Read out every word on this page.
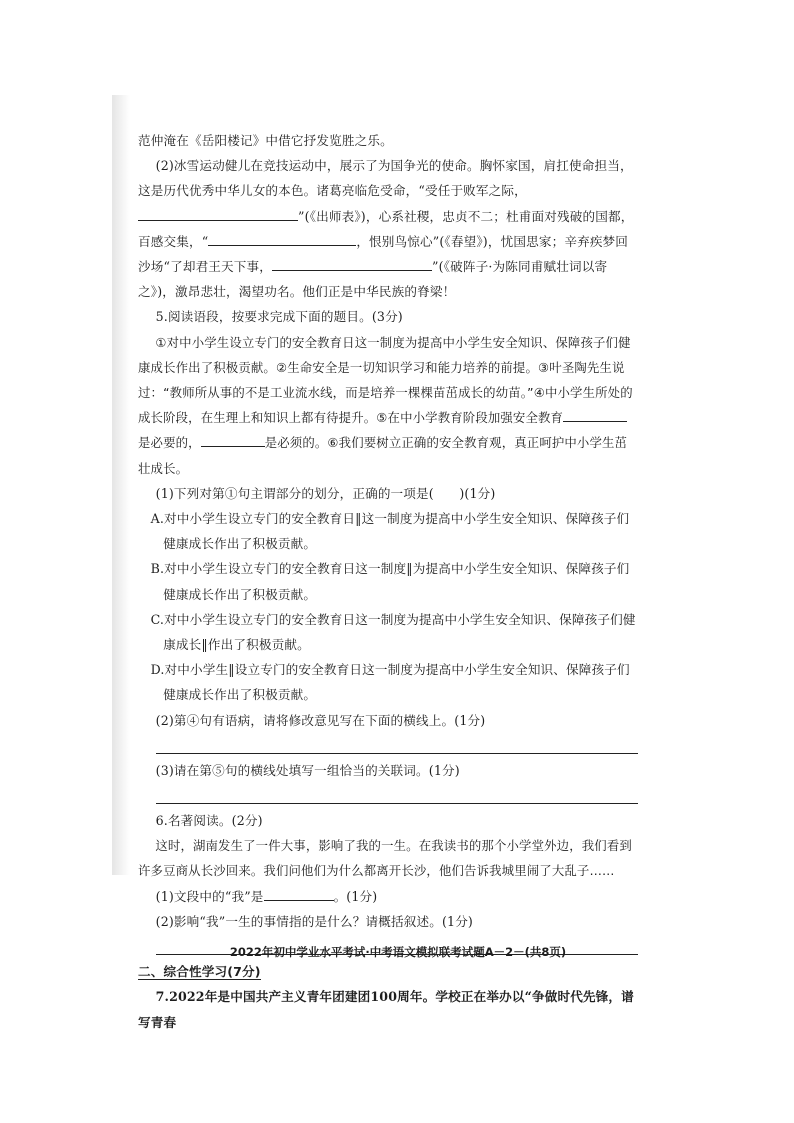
范仲淹在《岳阳楼记》中借它抒发览胜之乐。

(2)冰雪运动健儿在竞技运动中，展示了为国争光的使命。胸怀家国，肩扛使命担当，这是历代优秀中华儿女的本色。诸葛亮临危受命，“受任于败军之际，”(《出师表》)，心系社稷，忠贞不二；杜甫面对残破的国都，百感交集，“	，恨别鸟惊心”(《春望》)，忧国思家；辛弃疾梦回沙场“了却君王天下事，	”(《破阵子·为陈同甫赋壮词以寄之》)，激昂悲壮，渴望功名。他们正是中华民族的脊梁！

5.阅读语段，按要求完成下面的题目。(3分)

①对中小学生设立专门的安全教育日这一制度为提高中小学生安全知识、保障孩子们健康成长作出了积极贡献。②生命安全是一切知识学习和能力培养的前提。③叶圣陶先生说过：“教师所从事的不是工业流水线，而是培养一棵棵苗茁成长的幼苗。”④中小学生所处的成长阶段，在生理上和知识上都有待提升。⑤在中小学教育阶段加强安全教育是必要的，	是必须的。⑥我们要树立正确的安全教育观，真正呵护中小学生茁壮成长。

(1)下列对第①句主谓部分的划分，正确的一项是(　　)(1分)

A.对中小学生设立专门的安全教育日‖这一制度为提高中小学生安全知识、保障孩子们健康成长作出了积极贡献。

B.对中小学生设立专门的安全教育日这一制度‖为提高中小学生安全知识、保障孩子们健康成长作出了积极贡献。

C.对中小学生设立专门的安全教育日这一制度为提高中小学生安全知识、保障孩子们健康成长‖作出了积极贡献。

D.对中小学生‖设立专门的安全教育日这一制度为提高中小学生安全知识、保障孩子们健康成长作出了积极贡献。

(2)第④句有语病，请将修改意见写在下面的横线上。(1分)

(3)请在第⑤句的横线处填写一组恰当的关联词。(1分)

6.名著阅读。(2分)

这时，湖南发生了一件大事，影响了我的一生。在我读书的那个小学堂外边，我们看到许多豆商从长沙回来。我们问他们为什么都离开长沙，他们告诉我城里闹了大乱子……

(1)文段中的“我”是	。(1分)

(2)影响“我”一生的事情指的是什么？请概括叙述。(1分)

二、综合性学习(7分)

7.2022年是中国共产主义青年团建团100周年。学校正在举办以“争做时代先锋，谱写青春

2022年初中学业水平考试·中考语文模拟联考试题A－2－(共8页)
